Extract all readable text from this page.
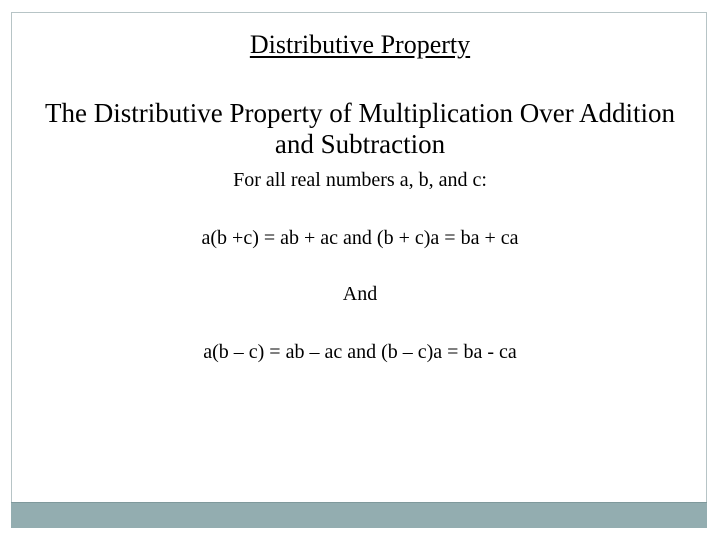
Distributive Property
The Distributive Property of Multiplication Over Addition
and Subtraction
For all real numbers a, b, and c:
a(b +c) = ab + ac and (b + c)a = ba + ca
And
a(b – c) = ab – ac and (b – c)a = ba - ca
